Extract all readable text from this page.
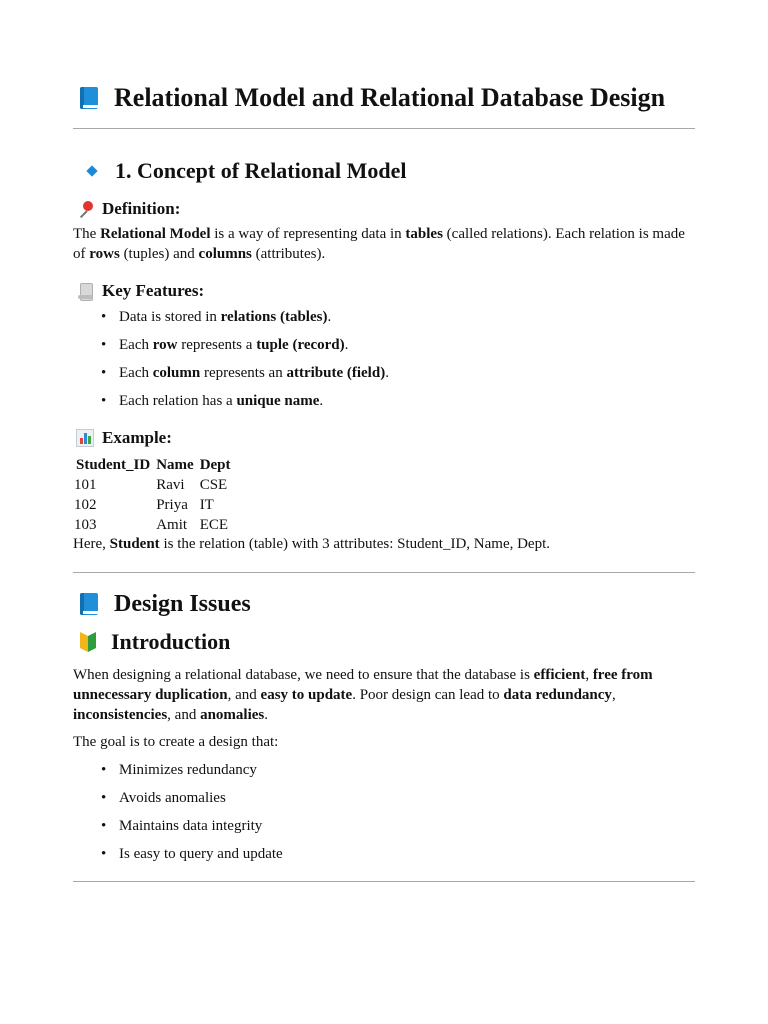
Relational Model and Relational Database Design
1. Concept of Relational Model
Definition:

The Relational Model is a way of representing data in tables (called relations). Each relation is made of rows (tuples) and columns (attributes).

Key Features:
• Data is stored in relations (tables).
• Each row represents a tuple (record).
• Each column represents an attribute (field).
• Each relation has a unique name.
Example:
Student_ID	Name	Dept
101	Ravi	CSE
102	Priya	IT
103	Amit	ECE

Here, Student is the relation (table) with 3 attributes: Student_ID, Name, Dept.

Design Issues
Introduction

When designing a relational database, we need to ensure that the database is efficient, free from unnecessary duplication, and easy to update. Poor design can lead to data redundancy, inconsistencies, and anomalies.

The goal is to create a design that:

• Minimizes redundancy
• Avoids anomalies
• Maintains data integrity
• Is easy to query and update
